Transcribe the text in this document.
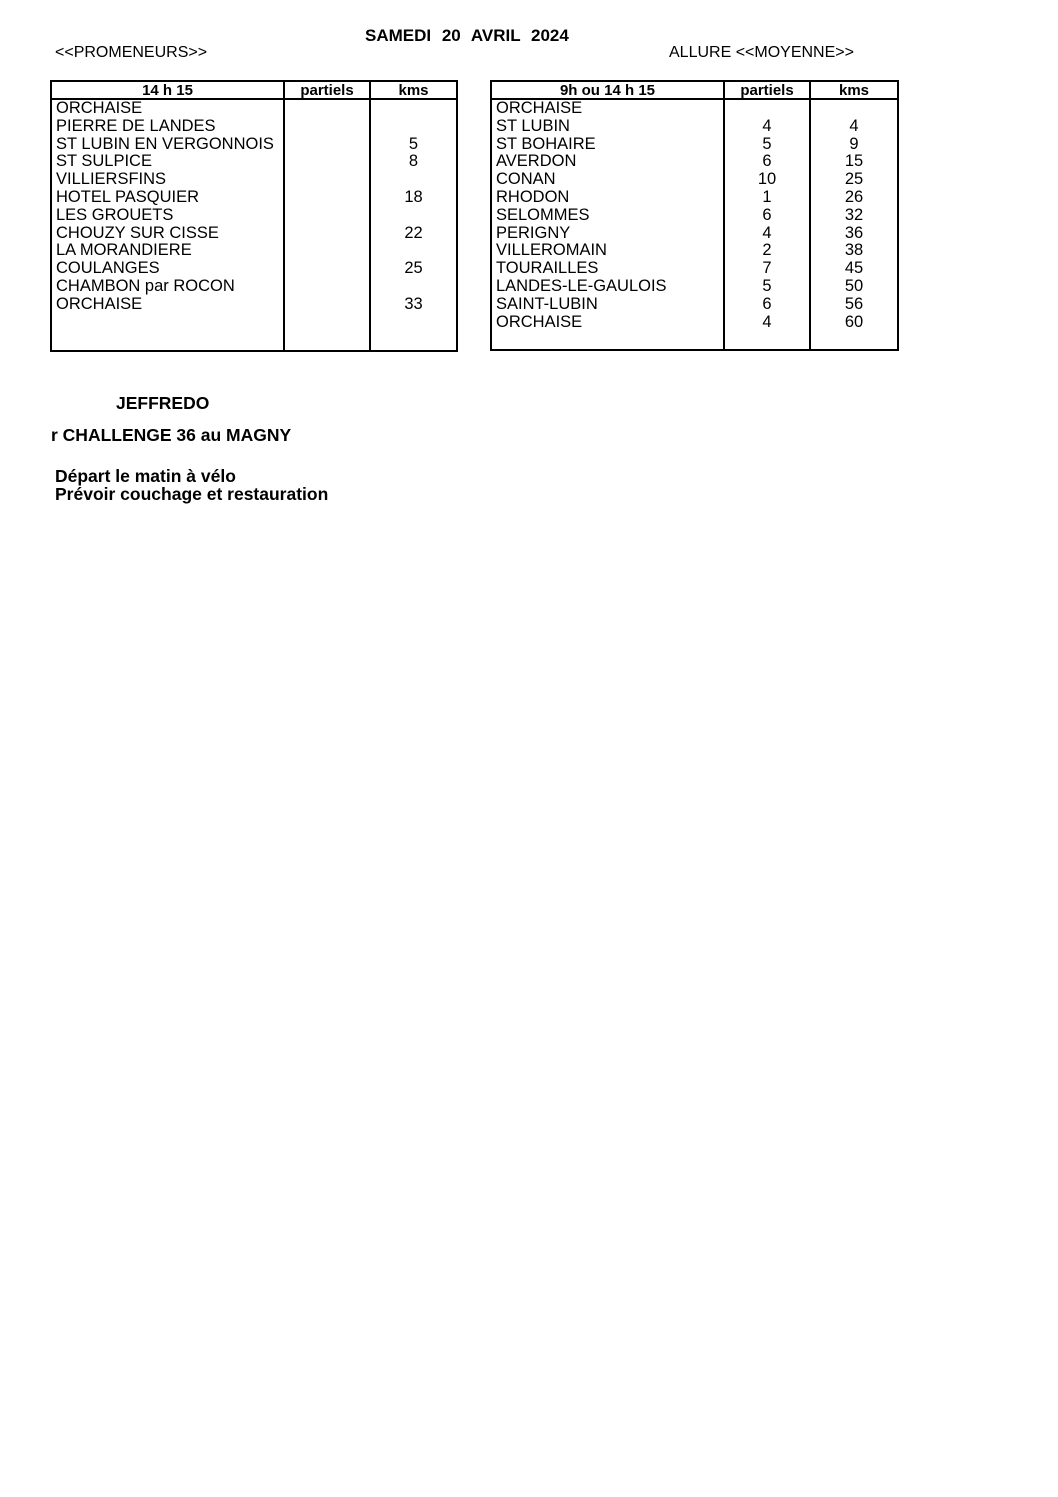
SAMEDI 20 AVRIL 2024
<<PROMENEURS>>	ALLURE <<MOYENNE>>
14 h 15	partiels	kms
ORCHAISE		
PIERRE DE LANDES		
ST LUBIN EN VERGONNOIS		5
ST SULPICE		8
VILLIERSFINS		
HOTEL PASQUIER		18
LES GROUETS		
CHOUZY SUR CISSE		22
LA MORANDIERE		
COULANGES		25
CHAMBON par ROCON		
ORCHAISE		33

9h ou 14 h 15	partiels	kms
ORCHAISE		
ST LUBIN	4	4
ST BOHAIRE	5	9
AVERDON	6	15
CONAN	10	25
RHODON	1	26
SELOMMES	6	32
PERIGNY	4	36
VILLEROMAIN	2	38
TOURAILLES	7	45
LANDES-LE-GAULOIS	5	50
SAINT-LUBIN	6	56
ORCHAISE	4	60

JEFFREDO
r CHALLENGE 36 au MAGNY
Départ le matin à vélo
Prévoir couchage et restauration
